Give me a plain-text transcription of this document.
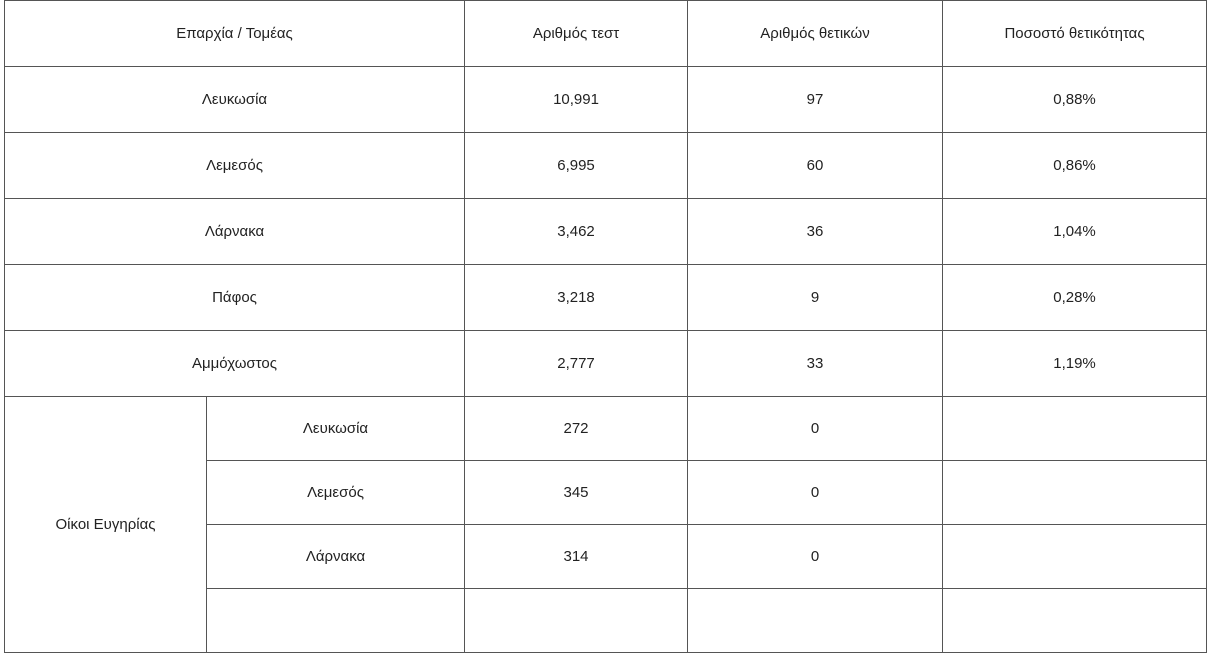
Επαρχία / Τομέας		Αριθμός τεστ	Αριθμός θετικών	Ποσοστό θετικότητας
Λευκωσία		10,991	97	0,88%
Λεμεσός		6,995	60	0,86%
Λάρνακα		3,462	36	1,04%
Πάφος		3,218	9	0,28%
Αμμόχωστος		2,777	33	1,19%
Οίκοι Ευγηρίας	Λευκωσία	272	0	
	Λεμεσός	345	0	
	Λάρνακα	314	0	
